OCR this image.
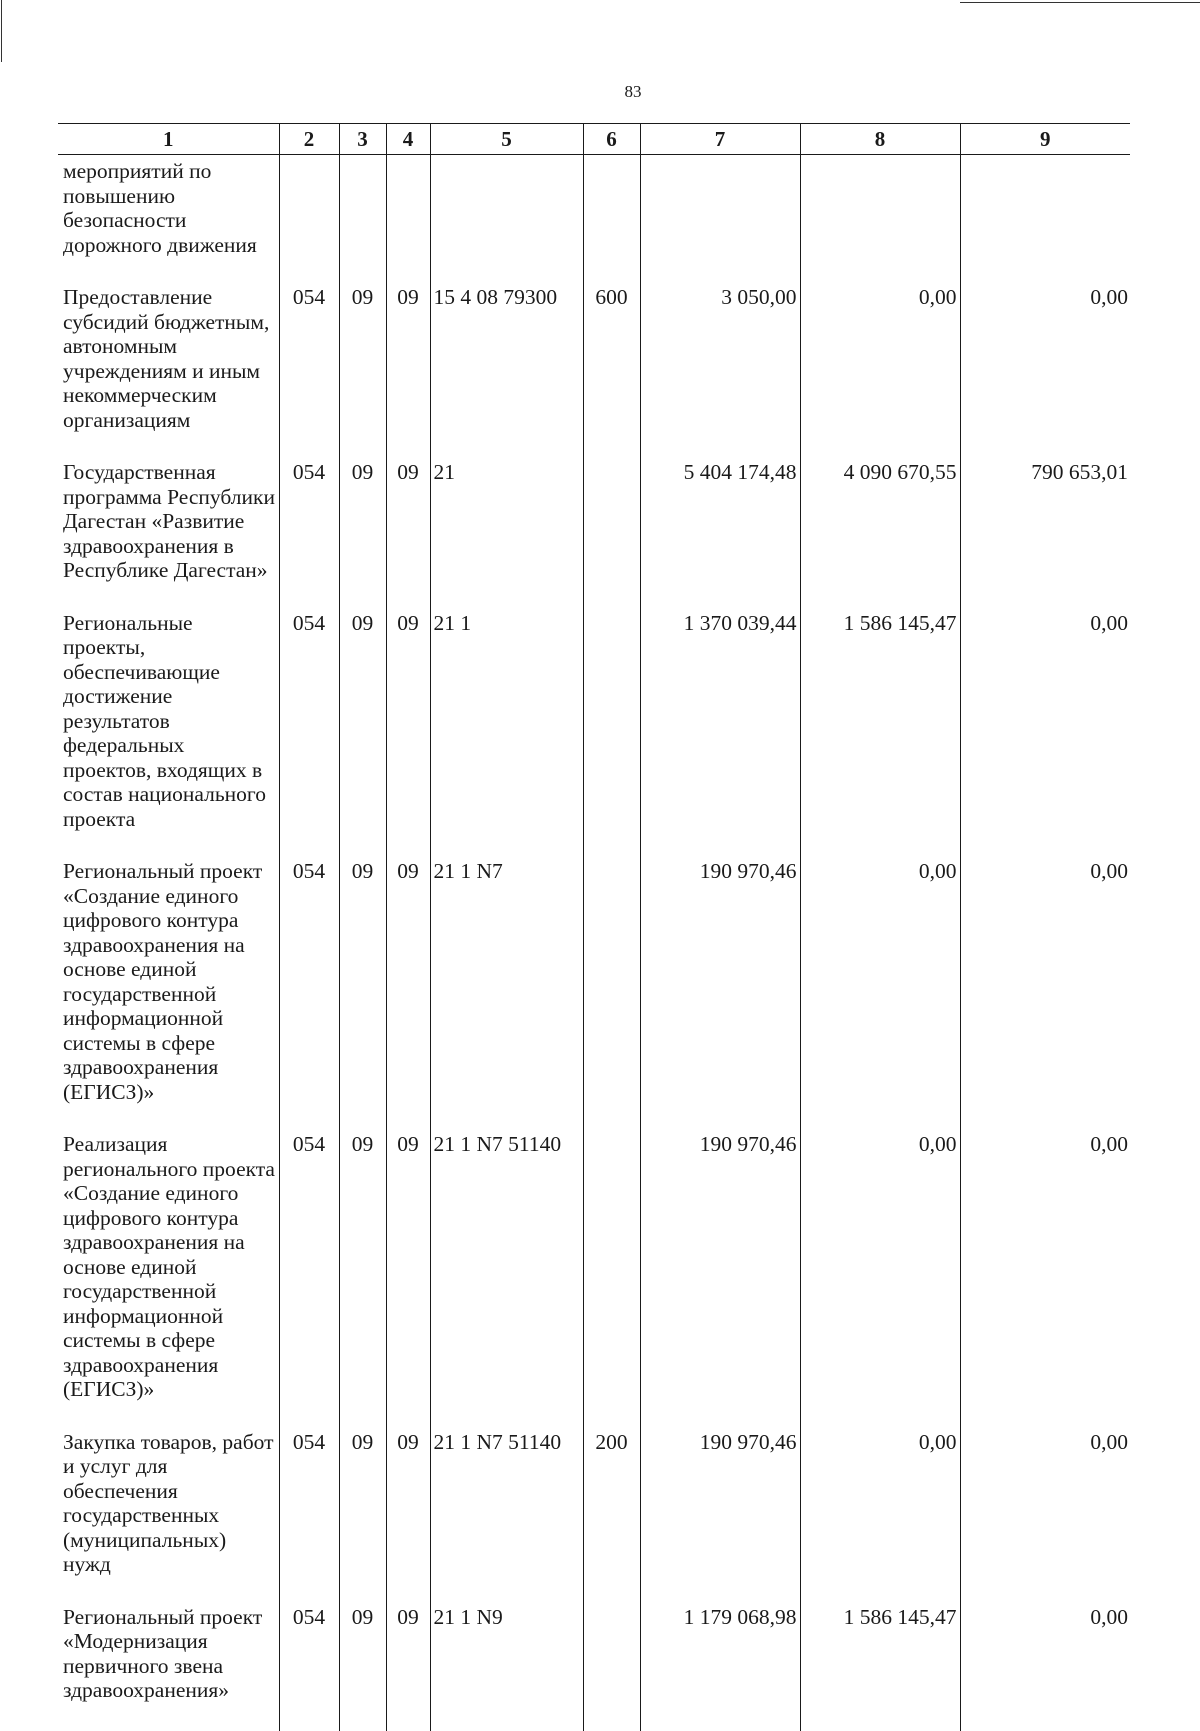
83
1	2	3	4	5	6	7	8	9
мероприятий по повышению безопасности дорожного движения								
Предоставление субсидий бюджетным, автономным учреждениям и иным некоммерческим организациям	054	09	09	15 4 08 79300	600	3 050,00	0,00	0,00
Государственная программа Республики Дагестан «Развитие здравоохранения в Республике Дагестан»	054	09	09	21		5 404 174,48	4 090 670,55	790 653,01
Региональные проекты, обеспечивающие достижение результатов федеральных проектов, входящих в состав национального проекта	054	09	09	21 1		1 370 039,44	1 586 145,47	0,00
Региональный проект «Создание единого цифрового контура здравоохранения на основе единой государственной информационной системы в сфере здравоохранения (ЕГИСЗ)»	054	09	09	21 1 N7		190 970,46	0,00	0,00
Реализация регионального проекта «Создание единого цифрового контура здравоохранения на основе единой государственной информационной системы в сфере здравоохранения (ЕГИСЗ)»	054	09	09	21 1 N7 51140		190 970,46	0,00	0,00
Закупка товаров, работ и услуг для обеспечения государственных (муниципальных) нужд	054	09	09	21 1 N7 51140	200	190 970,46	0,00	0,00
Региональный проект «Модернизация первичного звена здравоохранения»	054	09	09	21 1 N9		1 179 068,98	1 586 145,47	0,00
